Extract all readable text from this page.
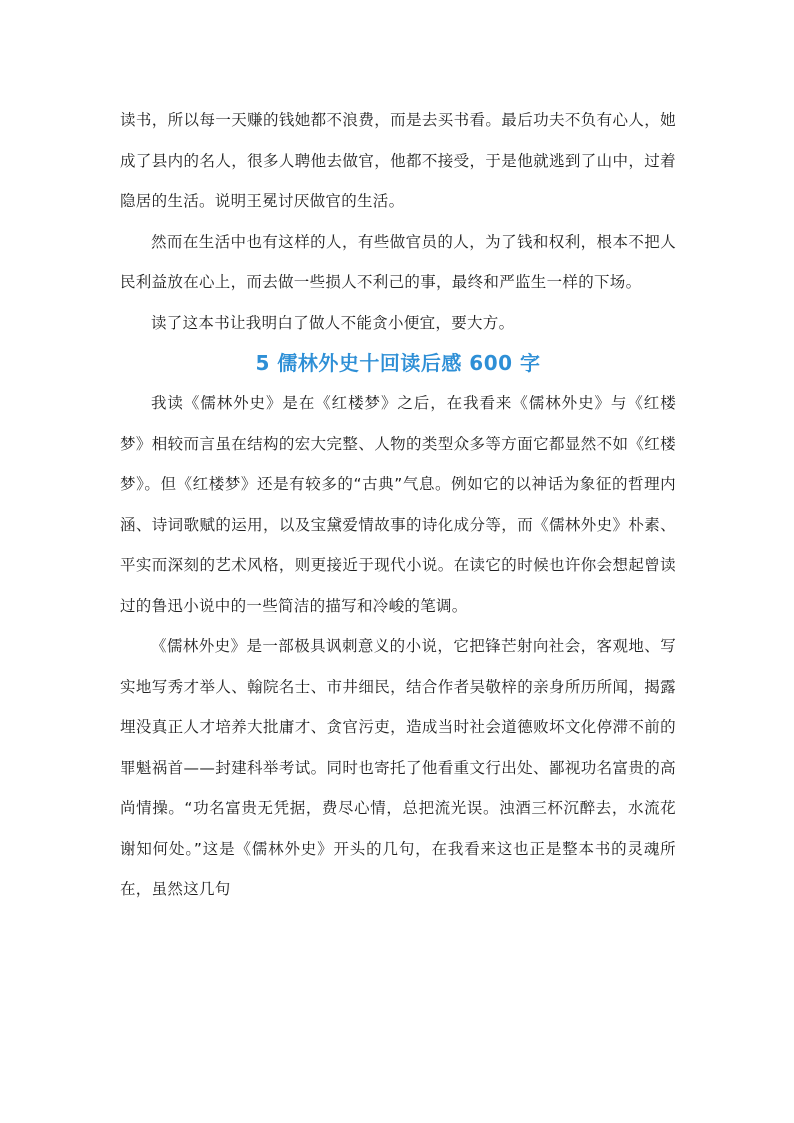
读书，所以每一天赚的钱她都不浪费，而是去买书看。最后功夫不负有心人，她成了县内的名人，很多人聘他去做官，他都不接受，于是他就逃到了山中，过着隐居的生活。说明王冕讨厌做官的生活。

然而在生活中也有这样的人，有些做官员的人，为了钱和权利，根本不把人民利益放在心上，而去做一些损人不利己的事，最终和严监生一样的下场。

读了这本书让我明白了做人不能贪小便宜，要大方。

5 儒林外史十回读后感 600 字

我读《儒林外史》是在《红楼梦》之后，在我看来《儒林外史》与《红楼梦》相较而言虽在结构的宏大完整、人物的类型众多等方面它都显然不如《红楼梦》。但《红楼梦》还是有较多的“古典”气息。例如它的以神话为象征的哲理内涵、诗词歌赋的运用，以及宝黛爱情故事的诗化成分等，而《儒林外史》朴素、平实而深刻的艺术风格，则更接近于现代小说。在读它的时候也许你会想起曾读过的鲁迅小说中的一些简洁的描写和冷峻的笔调。

《儒林外史》是一部极具讽刺意义的小说，它把锋芒射向社会，客观地、写实地写秀才举人、翰院名士、市井细民，结合作者吴敬梓的亲身所历所闻，揭露埋没真正人才培养大批庸才、贪官污吏，造成当时社会道德败坏文化停滞不前的罪魁祸首——封建科举考试。同时也寄托了他看重文行出处、鄙视功名富贵的高尚情操。“功名富贵无凭据，费尽心情，总把流光误。浊酒三杯沉醉去，水流花谢知何处。”这是《儒林外史》开头的几句，在我看来这也正是整本书的灵魂所在，虽然这几句
